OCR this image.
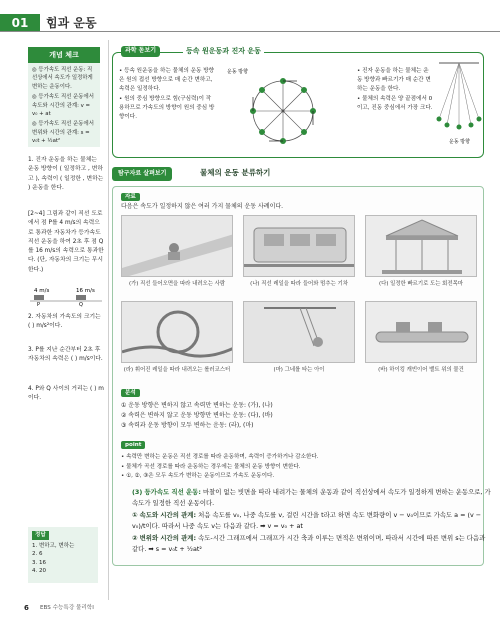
01	힘과 운동
개념 체크
◎ 등가속도 직선 운동: 직선상에서 속도가 일정하게 변하는 운동이다.
◎ 등가속도 직선 운동에서 속도와 시간의 관계: v = v₀ + at
◎ 등가속도 직선 운동에서 변위와 시간의 관계: s = v₀t + ½at²
1. 진자 운동을 하는 물체는 운동 방향이 ( 일정하고 , 변하고 ), 속력이 ( 일정한 , 변하는 ) 운동을 한다.
[2~4] 그림과 같이 직선 도로에서 점 P를 4 m/s의 속력으로 통과한 자동차가 등가속도 직선 운동을 하여 2초 후 점 Q를 16 m/s의 속력으로 통과한다. (단, 자동차의 크기는 무시한다.)
4 m/s	16 m/s
P	Q
2. 자동차의 가속도의 크기는 ( ) m/s²이다.
3. P를 지난 순간부터 2초 후 자동차의 속력은 ( ) m/s이다.
4. P와 Q 사이의 거리는 ( ) m이다.
정답
1. 변하고, 변하는
2. 6
3. 16
4. 20
과학 돋보기	등속 원운동과 진자 운동
• 등속 원운동을 하는 물체의 운동 방향은 원의 접선 방향으로 매 순간 변하고, 속력은 일정하다.
• 원의 중심 방향으로 힘(구심력)이 작용하므로 가속도의 방향이 원의 중심 방향이다.
운동 방향	• 진자 운동을 하는 물체는 운동 방향과 빠르기가 매 순간 변하는 운동을 한다.
• 물체의 속력은 양 끝점에서 0이고, 진동 중심에서 가장 크다.
운동 방향
탐구자료 살펴보기	물체의 운동 분류하기
자료
다음은 속도가 일정하지 않은 여러 가지 물체의 운동 사례이다.
(가) 직선 들어오면을 따라 내려오는 사람	(나) 직선 레일을 따라 들어와 멈추는 기차	(다) 일정한 빠르기로 도는 회전목마
(라) 휘어진 레일을 따라 내려오는 롤러코스터	(마) 그네를 타는 아이	(바) 하이킹 캐빈이어 밸트 위의 물건
분석
① 운동 방향은 변하지 않고 속력만 변하는 운동: (가), (나)
② 속력은 변하지 않고 운동 방향만 변하는 운동: (다), (바)
③ 속력과 운동 방향이 모두 변하는 운동: (라), (마)
point
• 속력만 변하는 운동은 직선 경로를 따라 운동하며, 속력이 증가하거나 감소한다.
• 물체가 곡선 경로를 따라 운동하는 경우에는 물체의 운동 방향이 변한다.
• ①, ②, ③은 모두 속도가 변하는 운동이므로 가속도 운동이다.
(3) 등가속도 직선 운동: 마찰이 없는 빗면을 따라 내려가는 물체의 운동과 같이 직선상에서 속도가 일정하게 변하는 운동으로, 가속도가 일정한 직선 운동이다.
① 속도와 시간의 관계: 처음 속도를 v₀, 나중 속도를 v, 걸린 시간을 t라고 하면 속도 변화량이 v − v₀이므로 가속도 a = (v − v₀)/t이다. 따라서 나중 속도 v는 다음과 같다. ➡ v = v₀ + at
② 변위와 시간의 관계: 속도-시간 그래프에서 그래프가 시간 축과 이루는 면적은 변위이며, 따라서 시간에 따른 변위 s는 다음과 같다. ➡ s = v₀t + ½at²
6 EBS 수능특강 물리학Ⅰ
